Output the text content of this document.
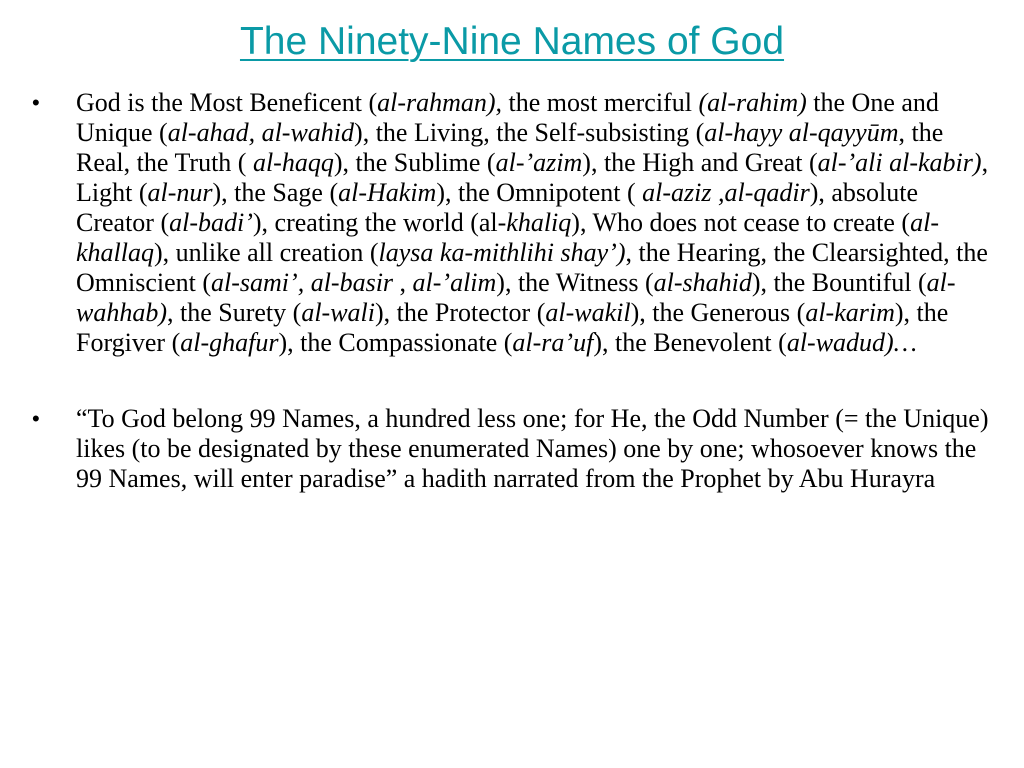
The Ninety-Nine Names of God
• God is the Most Beneficent (al-rahman), the most merciful (al-rahim) the One and Unique (al-ahad, al-wahid), the Living, the Self-subsisting (al-hayy al-qayyūm, the Real, the Truth ( al-haqq), the Sublime (al-’azim), the High and Great (al-’ali al-kabir), Light (al-nur), the Sage (al-Hakim), the Omnipotent ( al-aziz ,al-qadir), absolute Creator (al-badi’), creating the world (al-khaliq), Who does not cease to create (al-khallaq), unlike all creation (laysa ka-mithlihi shay’), the Hearing, the Clearsighted, the Omniscient (al-sami’, al-basir , al-’alim), the Witness (al-shahid), the Bountiful (al-wahhab), the Surety (al-wali), the Protector (al-wakil), the Generous (al-karim), the Forgiver (al-ghafur), the Compassionate (al-ra’uf), the Benevolent (al-wadud)…
• “To God belong 99 Names, a hundred less one; for He, the Odd Number (= the Unique) likes (to be designated by these enumerated Names) one by one; whosoever knows the 99 Names, will enter paradise” a hadith narrated from the Prophet by Abu Hurayra
